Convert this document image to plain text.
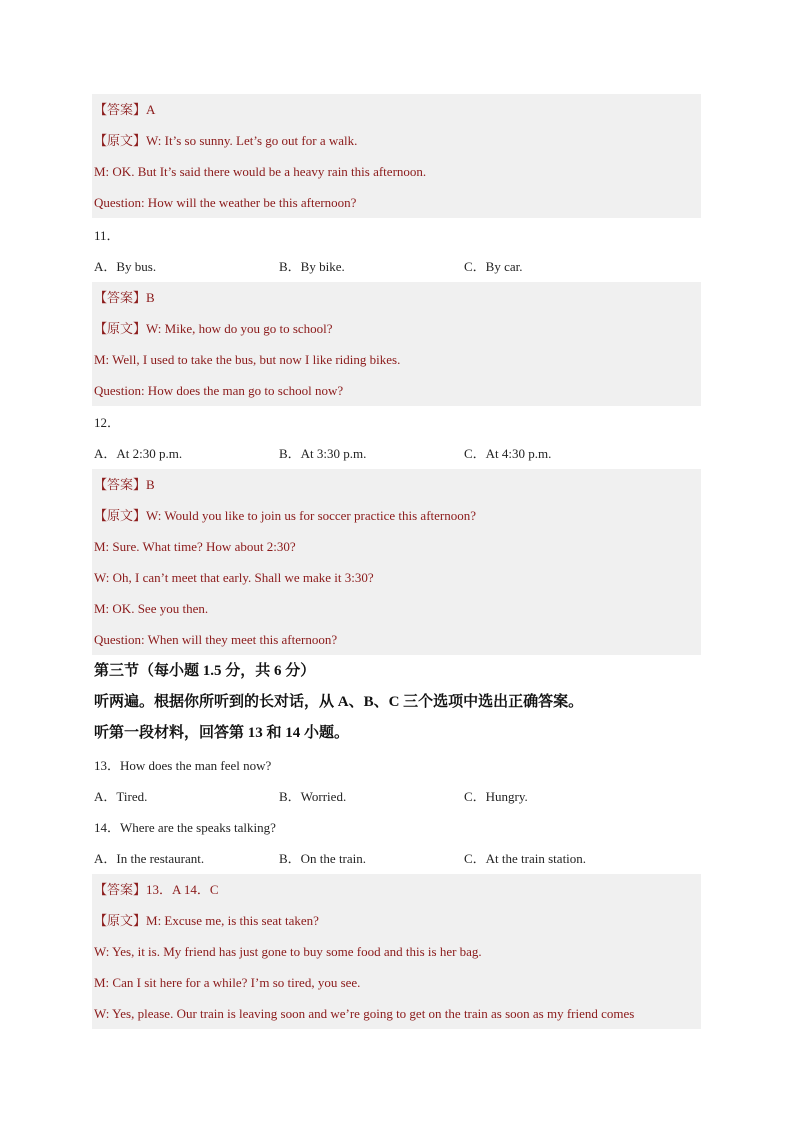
【答案】A
【原文】W: It’s so sunny. Let’s go out for a walk.
M: OK. But It’s said there would be a heavy rain this afternoon.
Question: How will the weather be this afternoon?
11．
A．By bus.	B．By bike.	C．By car.
【答案】B
【原文】W: Mike, how do you go to school?
M: Well, I used to take the bus, but now I like riding bikes.
Question: How does the man go to school now?
12．
A．At 2:30 p.m.	B．At 3:30 p.m.	C．At 4:30 p.m.
【答案】B
【原文】W: Would you like to join us for soccer practice this afternoon?
M: Sure. What time? How about 2:30?
W: Oh, I can’t meet that early. Shall we make it 3:30?
M: OK. See you then.
Question: When will they meet this afternoon?
第三节（每小题 1.5 分，共 6 分）
听两遍。根据你所听到的长对话，从 A、B、C 三个选项中选出正确答案。
听第一段材料，回答第 13 和 14 小题。
13．How does the man feel now?
A．Tired.	B．Worried.	C．Hungry.
14．Where are the speaks talking?
A．In the restaurant.	B．On the train.	C．At the train station.
【答案】13．A 14．C
【原文】M: Excuse me, is this seat taken?
W: Yes, it is. My friend has just gone to buy some food and this is her bag.
M: Can I sit here for a while? I’m so tired, you see.
W: Yes, please. Our train is leaving soon and we’re going to get on the train as soon as my friend comes
